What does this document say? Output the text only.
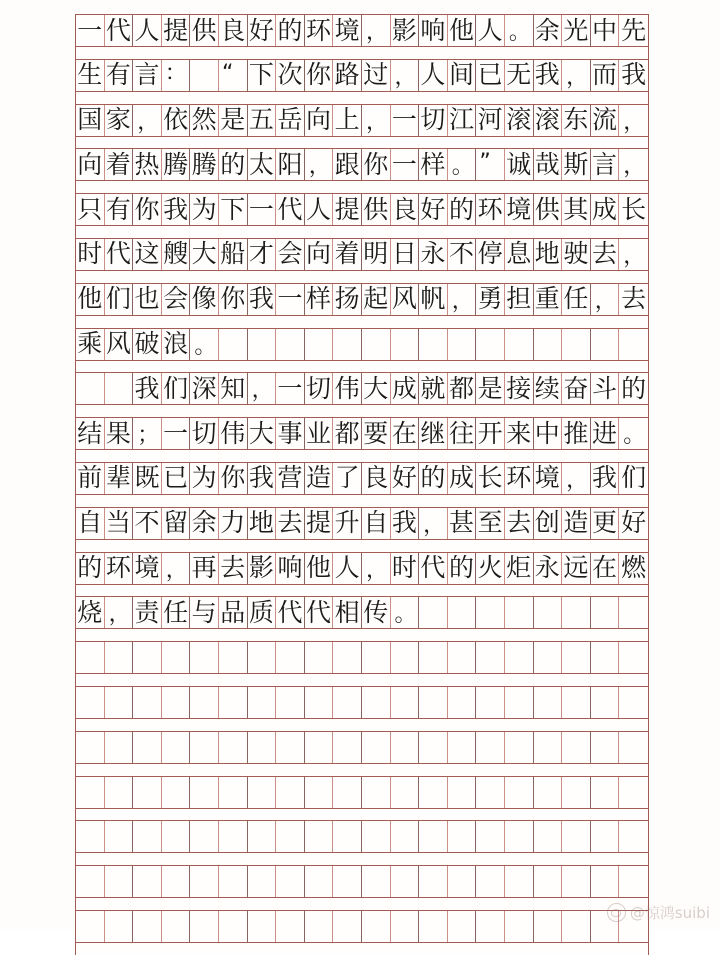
一 代 人 提 供 良 好 的 环 境 ， 影 响 他 人 。 余 光 中 先
生 有 言 ： “ 下 次 你 路 过 ， 人 间 已 无 我 ， 而 我
国 家 ， 依 然 是 五 岳 向 上 ， 一 切 江 河 滚 滚 东 流 ，
向 着 热 腾 腾 的 太 阳 ， 跟 你 一 样 。 ” 诚 哉 斯 言 ，
只 有 你 我 为 下 一 代 人 提 供 良 好 的 环 境 供 其 成 长
时 代 这 艘 大 船 才 会 向 着 明 日 永 不 停 息 地 驶 去 ，
他 们 也 会 像 你 我 一 样 扬 起 风 帆 ， 勇 担 重 任 ， 去
乘 风 破 浪 。
我 们 深 知 ， 一 切 伟 大 成 就 都 是 接 续 奋 斗 的
结 果 ； 一 切 伟 大 事 业 都 要 在 继 往 开 来 中 推 进 。
前 辈 既 已 为 你 我 营 造 了 良 好 的 成 长 环 境 ， 我 们
自 当 不 留 余 力 地 去 提 升 自 我 ， 甚 至 去 创 造 更 好
的 环 境 ， 再 去 影 响 他 人 ， 时 代 的 火 炬 永 远 在 燃
烧 ， 责 任 与 品 质 代 代 相 传 。
@惊鸿suibi
